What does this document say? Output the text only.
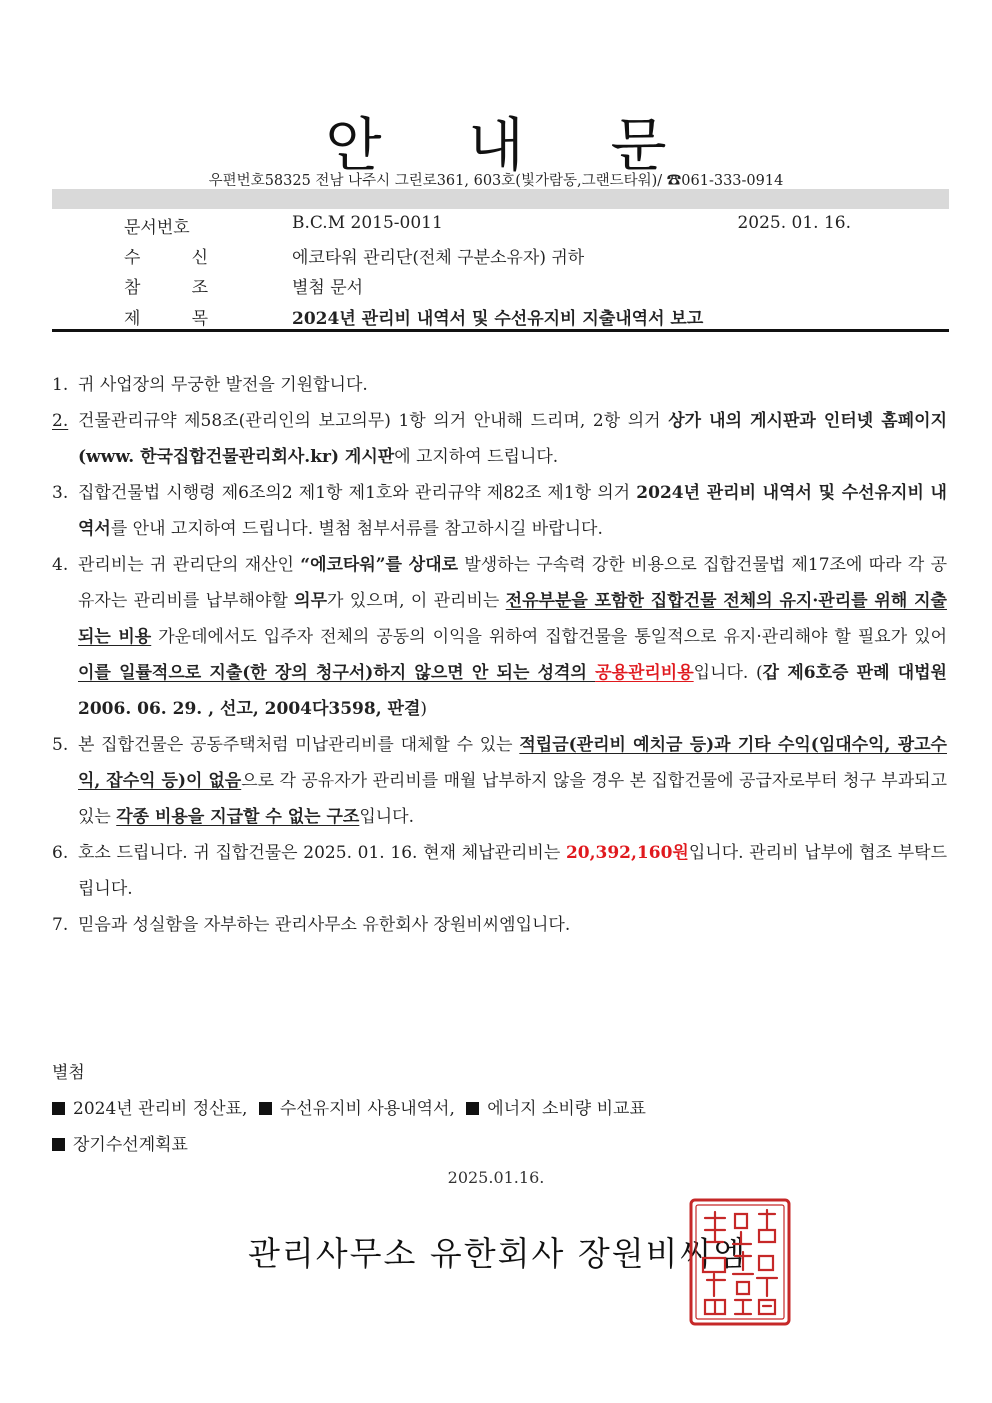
안 내 문
우편번호58325 전남 나주시 그린로361, 603호(빛가람동,그랜드타워)/ ☎061-333-0914
문서번호	B.C.M 2015-0011	2025. 01. 16.
수	신	에코타워 관리단(전체 구분소유자) 귀하
참	조	별첨 문서
제	목	2024년 관리비 내역서 및 수선유지비 지출내역서 보고

1. 귀 사업장의 무궁한 발전을 기원합니다.

2. 건물관리규약 제58조(관리인의 보고의무) 1항 의거 안내해 드리며, 2항 의거 상가 내의 게시판과 인터넷 홈페이지(www. 한국집합건물관리회사.kr) 게시판에 고지하여 드립니다.

3. 집합건물법 시행령 제6조의2 제1항 제1호와 관리규약 제82조 제1항 의거 2024년 관리비 내역서 및 수선유지비 내역서를 안내 고지하여 드립니다. 별첨 첨부서류를 참고하시길 바랍니다.

4. 관리비는 귀 관리단의 재산인 “에코타워”를 상대로 발생하는 구속력 강한 비용으로 집합건물법 제17조에 따라 각 공유자는 관리비를 납부해야할 의무가 있으며, 이 관리비는 전유부분을 포함한 집합건물 전체의 유지·관리를 위해 지출되는 비용 가운데에서도 입주자 전체의 공동의 이익을 위하여 집합건물을 통일적으로 유지·관리해야 할 필요가 있어 이를 일률적으로 지출(한 장의 청구서)하지 않으면 안 되는 성격의 공용관리비용입니다. (갑 제6호증 판례 대법원 2006. 06. 29. , 선고, 2004다3598, 판결)

5. 본 집합건물은 공동주택처럼 미납관리비를 대체할 수 있는 적립금(관리비 예치금 등)과 기타 수익(임대수익, 광고수익, 잡수익 등)이 없음으로 각 공유자가 관리비를 매월 납부하지 않을 경우 본 집합건물에 공급자로부터 청구 부과되고 있는 각종 비용을 지급할 수 없는 구조입니다.

6. 호소 드립니다. 귀 집합건물은 2025. 01. 16. 현재 체납관리비는 20,392,160원입니다. 관리비 납부에 협조 부탁드립니다.

7. 믿음과 성실함을 자부하는 관리사무소 유한회사 장원비씨엠입니다.

별첨
2024년 관리비 정산표, 수선유지비 사용내역서, 에너지 소비량 비교표
장기수선계획표
2025.01.16.
관리사무소 유한회사 장원비씨엠
